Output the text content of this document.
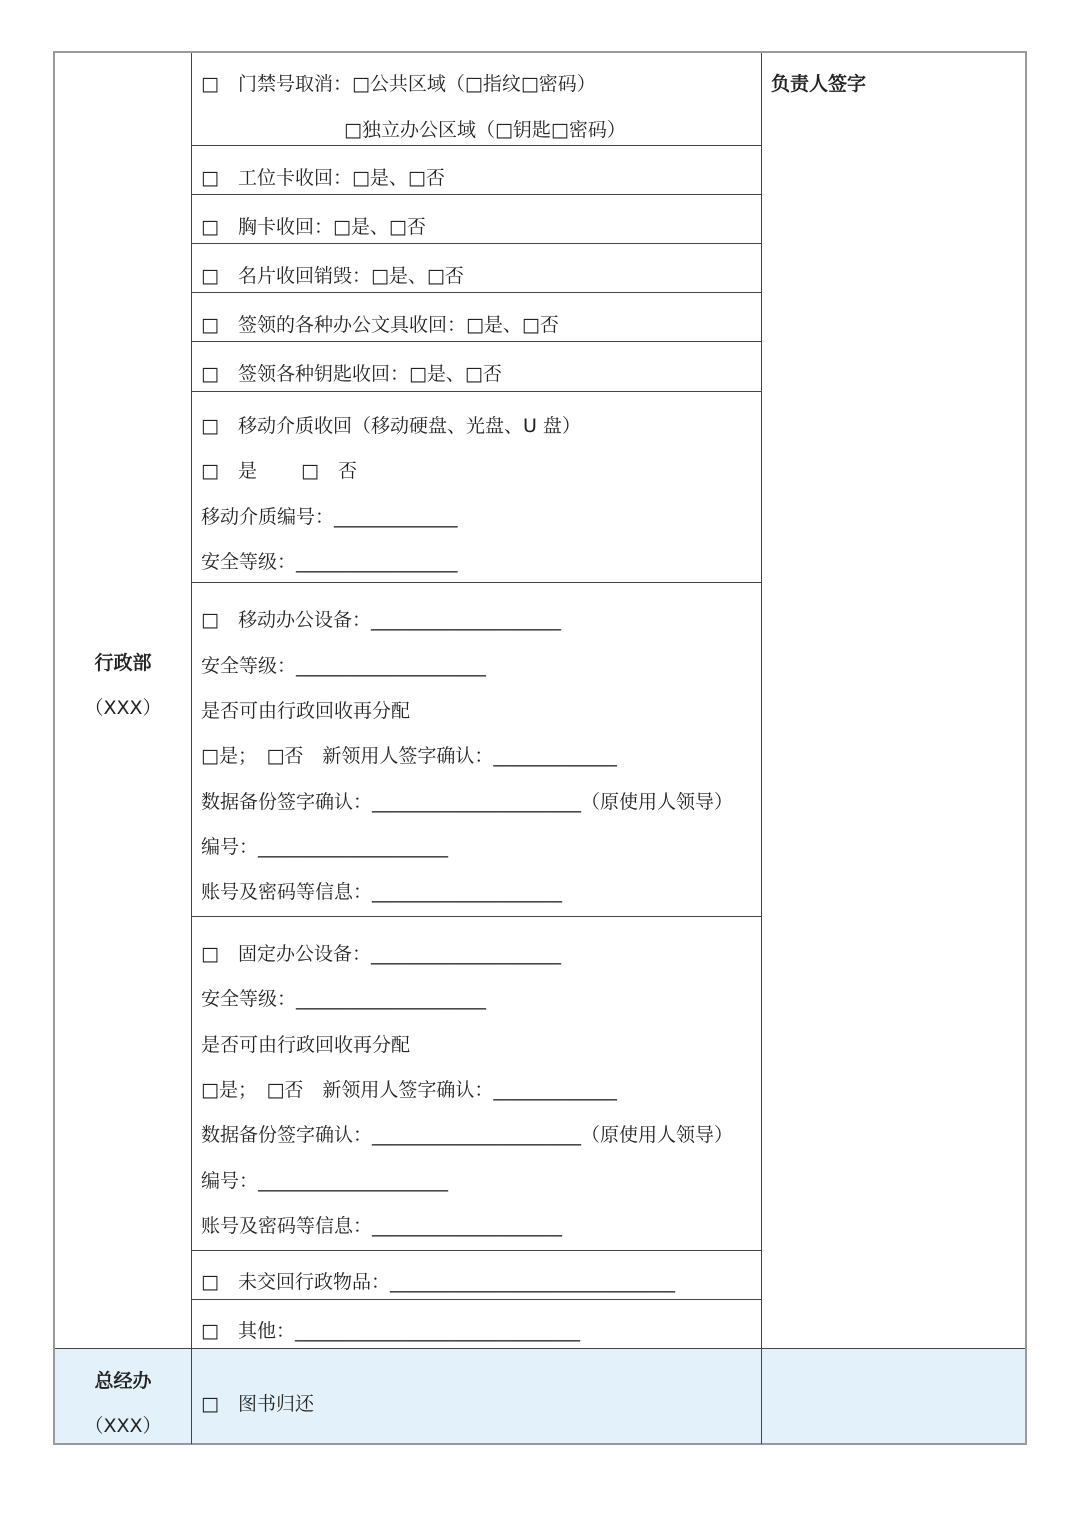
行政部
（XXX）
总经办
（XXX）
负责人签字
□　门禁号取消：□公共区域（□指纹□密码）
□独立办公区域（□钥匙□密码）
□　工位卡收回：□是、□否
□　胸卡收回：□是、□否
□　名片收回销毁：□是、□否
□　签领的各种办公文具收回：□是、□否
□　签领各种钥匙收回：□是、□否
□　移动介质收回（移动硬盘、光盘、U 盘）
□　是　　 □　否
移动介质编号：_____________
安全等级：_________________
□　移动办公设备：____________________
安全等级：____________________
是否可由行政回收再分配
□是；　□否　新领用人签字确认：_____________
数据备份签字确认：______________________（原使用人领导）
编号：____________________
账号及密码等信息：____________________
□　固定办公设备：____________________
安全等级：____________________
是否可由行政回收再分配
□是；　□否　新领用人签字确认：_____________
数据备份签字确认：______________________（原使用人领导）
编号：____________________
账号及密码等信息：____________________
□　未交回行政物品：______________________________
□　其他：______________________________
□　图书归还
